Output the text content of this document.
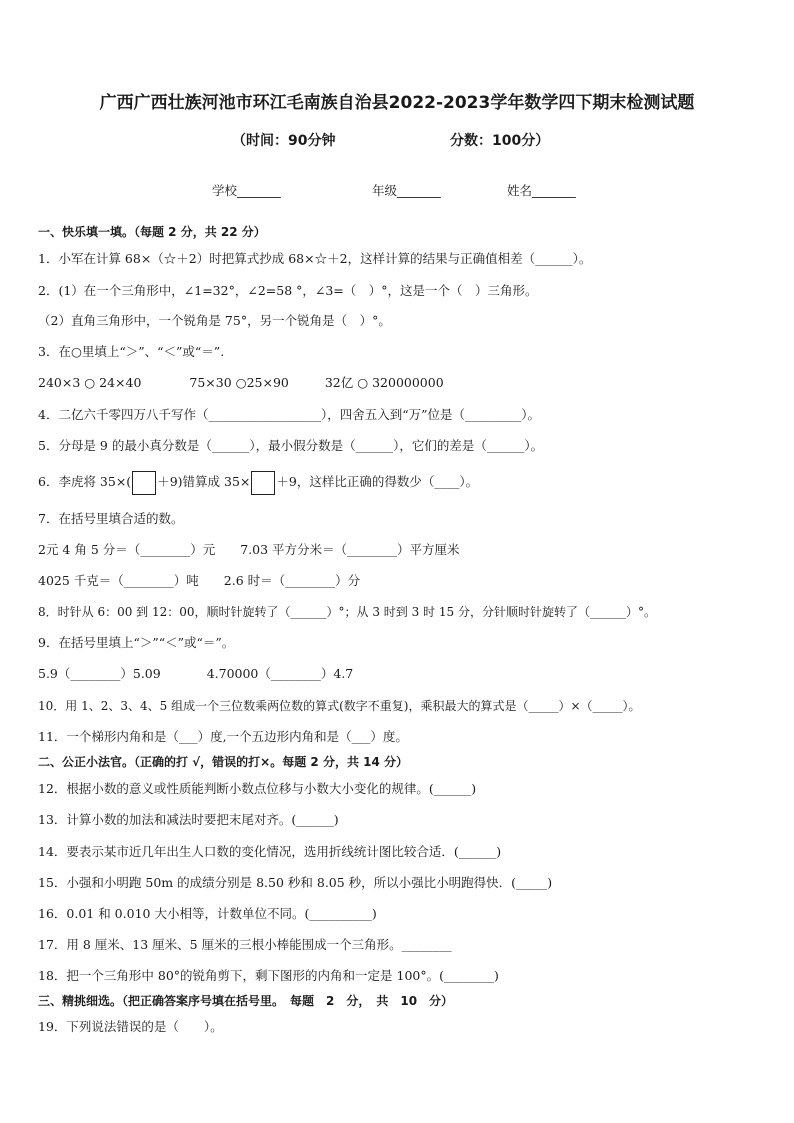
广西广西壮族河池市环江毛南族自治县2022-2023学年数学四下期末检测试题
（时间：90分钟	分数：100分）
学校_______	年级_______	姓名_______
一、快乐填一填。（每题 2 分，共 22 分）
1．小军在计算 68×（☆＋2）时把算式抄成 68×☆＋2，这样计算的结果与正确值相差（______）。
2．(1）在一个三角形中，∠1=32°，∠2=58 °，∠3=（　）°，这是一个（　）三角形。
（2）直角三角形中，一个锐角是 75°，另一个锐角是（　）°。
3．在○里填上“＞”、“＜”或“＝”.
240×3 ○ 24×40	75×30 ○25×90	32亿 ○ 320000000
4．二亿六千零四万八千写作（__________________），四舍五入到“万”位是（_________）。
5．分母是 9 的最小真分数是（______），最小假分数是（______），它们的差是（______）。
6．李虎将 35×( ＋9)错算成 35× ＋9，这样比正确的得数少（____）。
7．在括号里填合适的数。
2元 4 角 5 分＝（________）元　　7.03 平方分米＝（________）平方厘米
4025 千克＝（________）吨　　2.6 时＝（________）分
8．时针从 6：00 到 12：00，顺时针旋转了（______）°；从 3 时到 3 时 15 分，分针顺时针旋转了（______）°。
9．在括号里填上“＞”“＜”或“＝”。
5.9（________）5.09	4.70000（________）4.7
10．用 1、2、3、4、5 组成一个三位数乘两位数的算式(数字不重复)，乘积最大的算式是（_____）×（_____）。
11．一个梯形内角和是（___）度,一个五边形内角和是（___）度。
二、公正小法官。（正确的打 √，错误的打×。每题 2 分，共 14 分）
12．根据小数的意义或性质能判断小数点位移与小数大小变化的规律。(______)
13．计算小数的加法和减法时要把末尾对齐。(______)
14．要表示某市近几年出生人口数的变化情况，选用折线统计图比较合适．(______)
15．小强和小明跑 50m 的成绩分别是 8.50 秒和 8.05 秒，所以小强比小明跑得快．(_____)
16．0.01 和 0.010 大小相等，计数单位不同。(__________)
17．用 8 厘米、13 厘米、5 厘米的三根小棒能围成一个三角形。________
18．把一个三角形中 80°的锐角剪下，剩下图形的内角和一定是 100°。(________)
三、精挑细选。（把正确答案序号填在括号里。　每题　2　分，　共　10　分）
19．下列说法错误的是（　　）。
